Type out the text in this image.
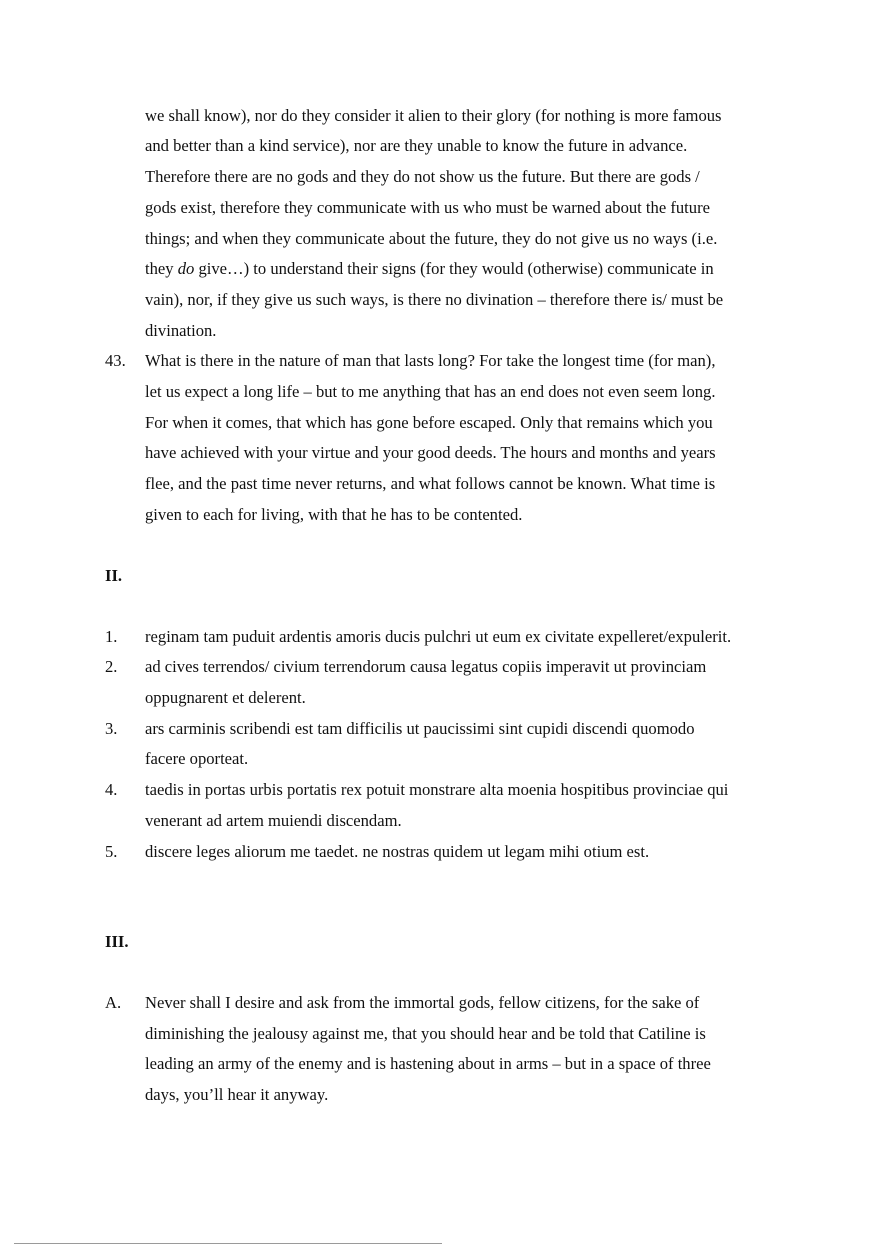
we shall know), nor do they consider it alien to their glory (for nothing is more famous
and better than a kind service), nor are they unable to know the future in advance.
Therefore there are no gods and they do not show us the future. But there are gods /
gods exist, therefore they communicate with us who must be warned about the future
things; and when they communicate about the future, they do not give us no ways (i.e.
they do give…) to understand their signs (for they would (otherwise) communicate in
vain), nor, if they give us such ways, is there no divination – therefore there is/ must be
divination.
43. What is there in the nature of man that lasts long? For take the longest time (for man),
let us expect a long life – but to me anything that has an end does not even seem long.
For when it comes, that which has gone before escaped. Only that remains which you
have achieved with your virtue and your good deeds. The hours and months and years
flee, and the past time never returns, and what follows cannot be known. What time is
given to each for living, with that he has to be contented.
II.
1. reginam tam puduit ardentis amoris ducis pulchri ut eum ex civitate expelleret/expulerit.
2. ad cives terrendos/ civium terrendorum causa legatus copiis imperavit ut provinciam
oppugnarent et delerent.
3. ars carminis scribendi est tam difficilis ut paucissimi sint cupidi discendi quomodo
facere oporteat.
4. taedis in portas urbis portatis rex potuit monstrare alta moenia hospitibus provinciae qui
venerant ad artem muiendi discendam.
5. discere leges aliorum me taedet. ne nostras quidem ut legam mihi otium est.
III.
A. Never shall I desire and ask from the immortal gods, fellow citizens, for the sake of
diminishing the jealousy against me, that you should hear and be told that Catiline is
leading an army of the enemy and is hastening about in arms – but in a space of three
days, you’ll hear it anyway.
